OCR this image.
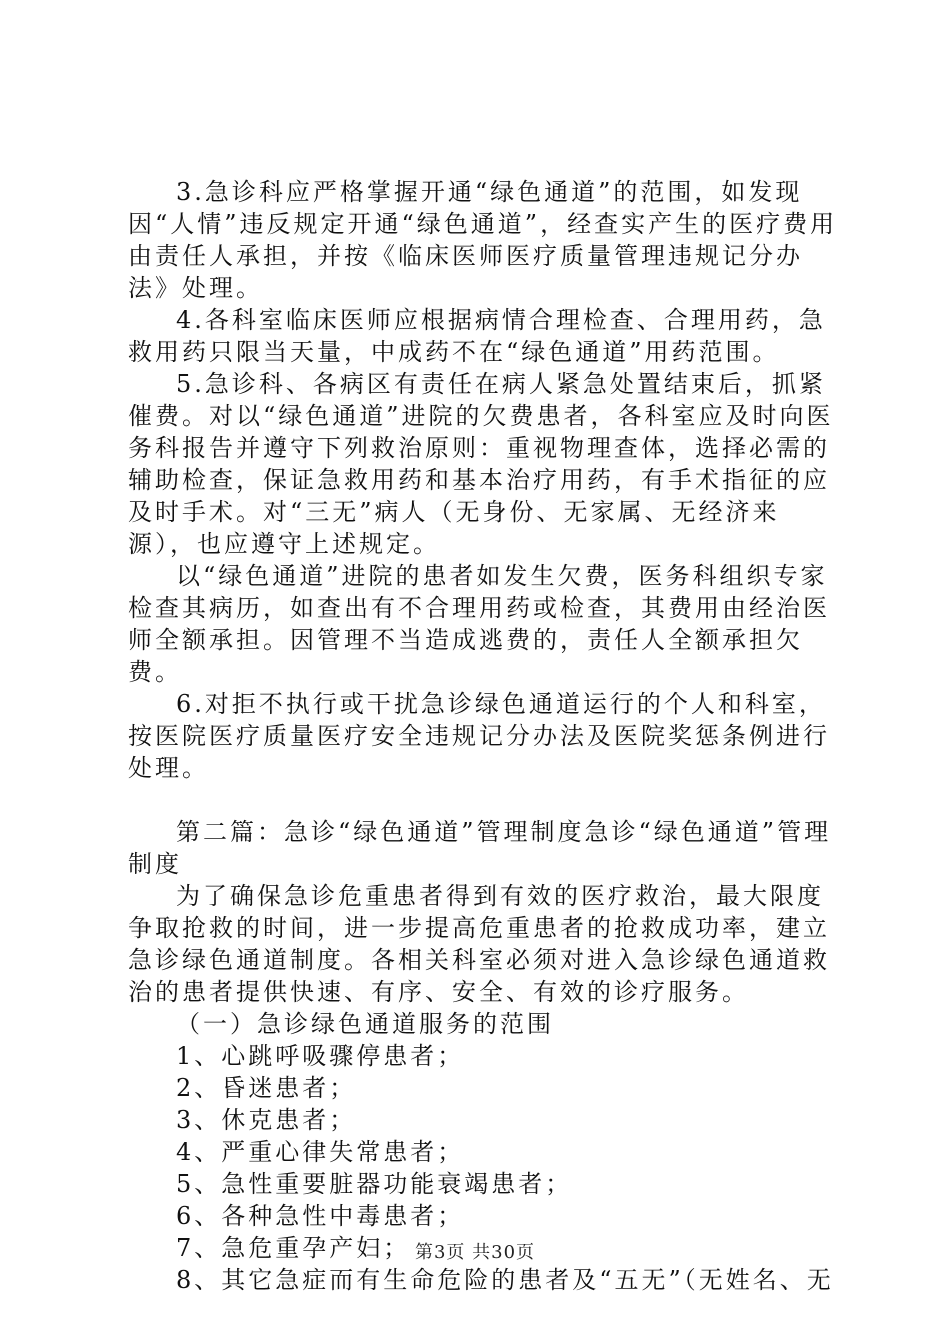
3.急诊科应严格掌握开通“绿色通道”的范围，如发现因“人情”违反规定开通“绿色通道”，经查实产生的医疗费用由责任人承担，并按《临床医师医疗质量管理违规记分办法》处理。

4.各科室临床医师应根据病情合理检查、合理用药，急救用药只限当天量，中成药不在“绿色通道”用药范围。

5.急诊科、各病区有责任在病人紧急处置结束后，抓紧催费。对以“绿色通道”进院的欠费患者，各科室应及时向医务科报告并遵守下列救治原则：重视物理查体，选择必需的辅助检查，保证急救用药和基本治疗用药，有手术指征的应及时手术。对“三无”病人（无身份、无家属、无经济来源），也应遵守上述规定。

以“绿色通道”进院的患者如发生欠费，医务科组织专家检查其病历，如查出有不合理用药或检查，其费用由经治医师全额承担。因管理不当造成逃费的，责任人全额承担欠费。

6.对拒不执行或干扰急诊绿色通道运行的个人和科室，按医院医疗质量医疗安全违规记分办法及医院奖惩条例进行处理。

第二篇：急诊“绿色通道”管理制度急诊“绿色通道”管理制度

为了确保急诊危重患者得到有效的医疗救治，最大限度争取抢救的时间，进一步提高危重患者的抢救成功率，建立急诊绿色通道制度。各相关科室必须对进入急诊绿色通道救治的患者提供快速、有序、安全、有效的诊疗服务。

（一）急诊绿色通道服务的范围

1、心跳呼吸骤停患者；

2、昏迷患者；

3、休克患者；

4、严重心律失常患者；

5、急性重要脏器功能衰竭患者；

6、各种急性中毒患者；

7、急危重孕产妇；

8、其它急症而有生命危险的患者及“五无”（无姓名、无

第3页 共30页
